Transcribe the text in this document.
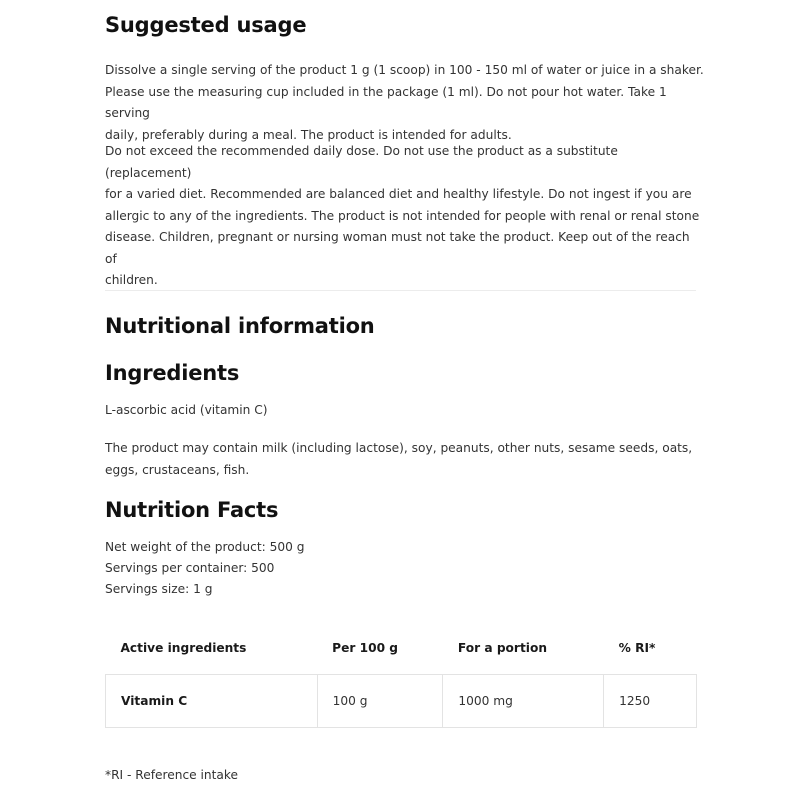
Suggested usage

Dissolve a single serving of the product 1 g (1 scoop) in 100 - 150 ml of water or juice in a shaker.
Please use the measuring cup included in the package (1 ml). Do not pour hot water. Take 1 serving
daily, preferably during a meal. The product is intended for adults.

Do not exceed the recommended daily dose. Do not use the product as a substitute (replacement)
for a varied diet. Recommended are balanced diet and healthy lifestyle. Do not ingest if you are
allergic to any of the ingredients. The product is not intended for people with renal or renal stone
disease. Children, pregnant or nursing woman must not take the product. Keep out of the reach of
children.

Nutritional information
Ingredients

L-ascorbic acid (vitamin C)

The product may contain milk (including lactose), soy, peanuts, other nuts, sesame seeds, oats,
eggs, crustaceans, fish.

Nutrition Facts

Net weight of the product: 500 g

Servings per container: 500

Servings size: 1 g

Active ingredients	Per 100 g	For a portion	% RI*
Vitamin C	100 g	1000 mg	1250

*RI - Reference intake
